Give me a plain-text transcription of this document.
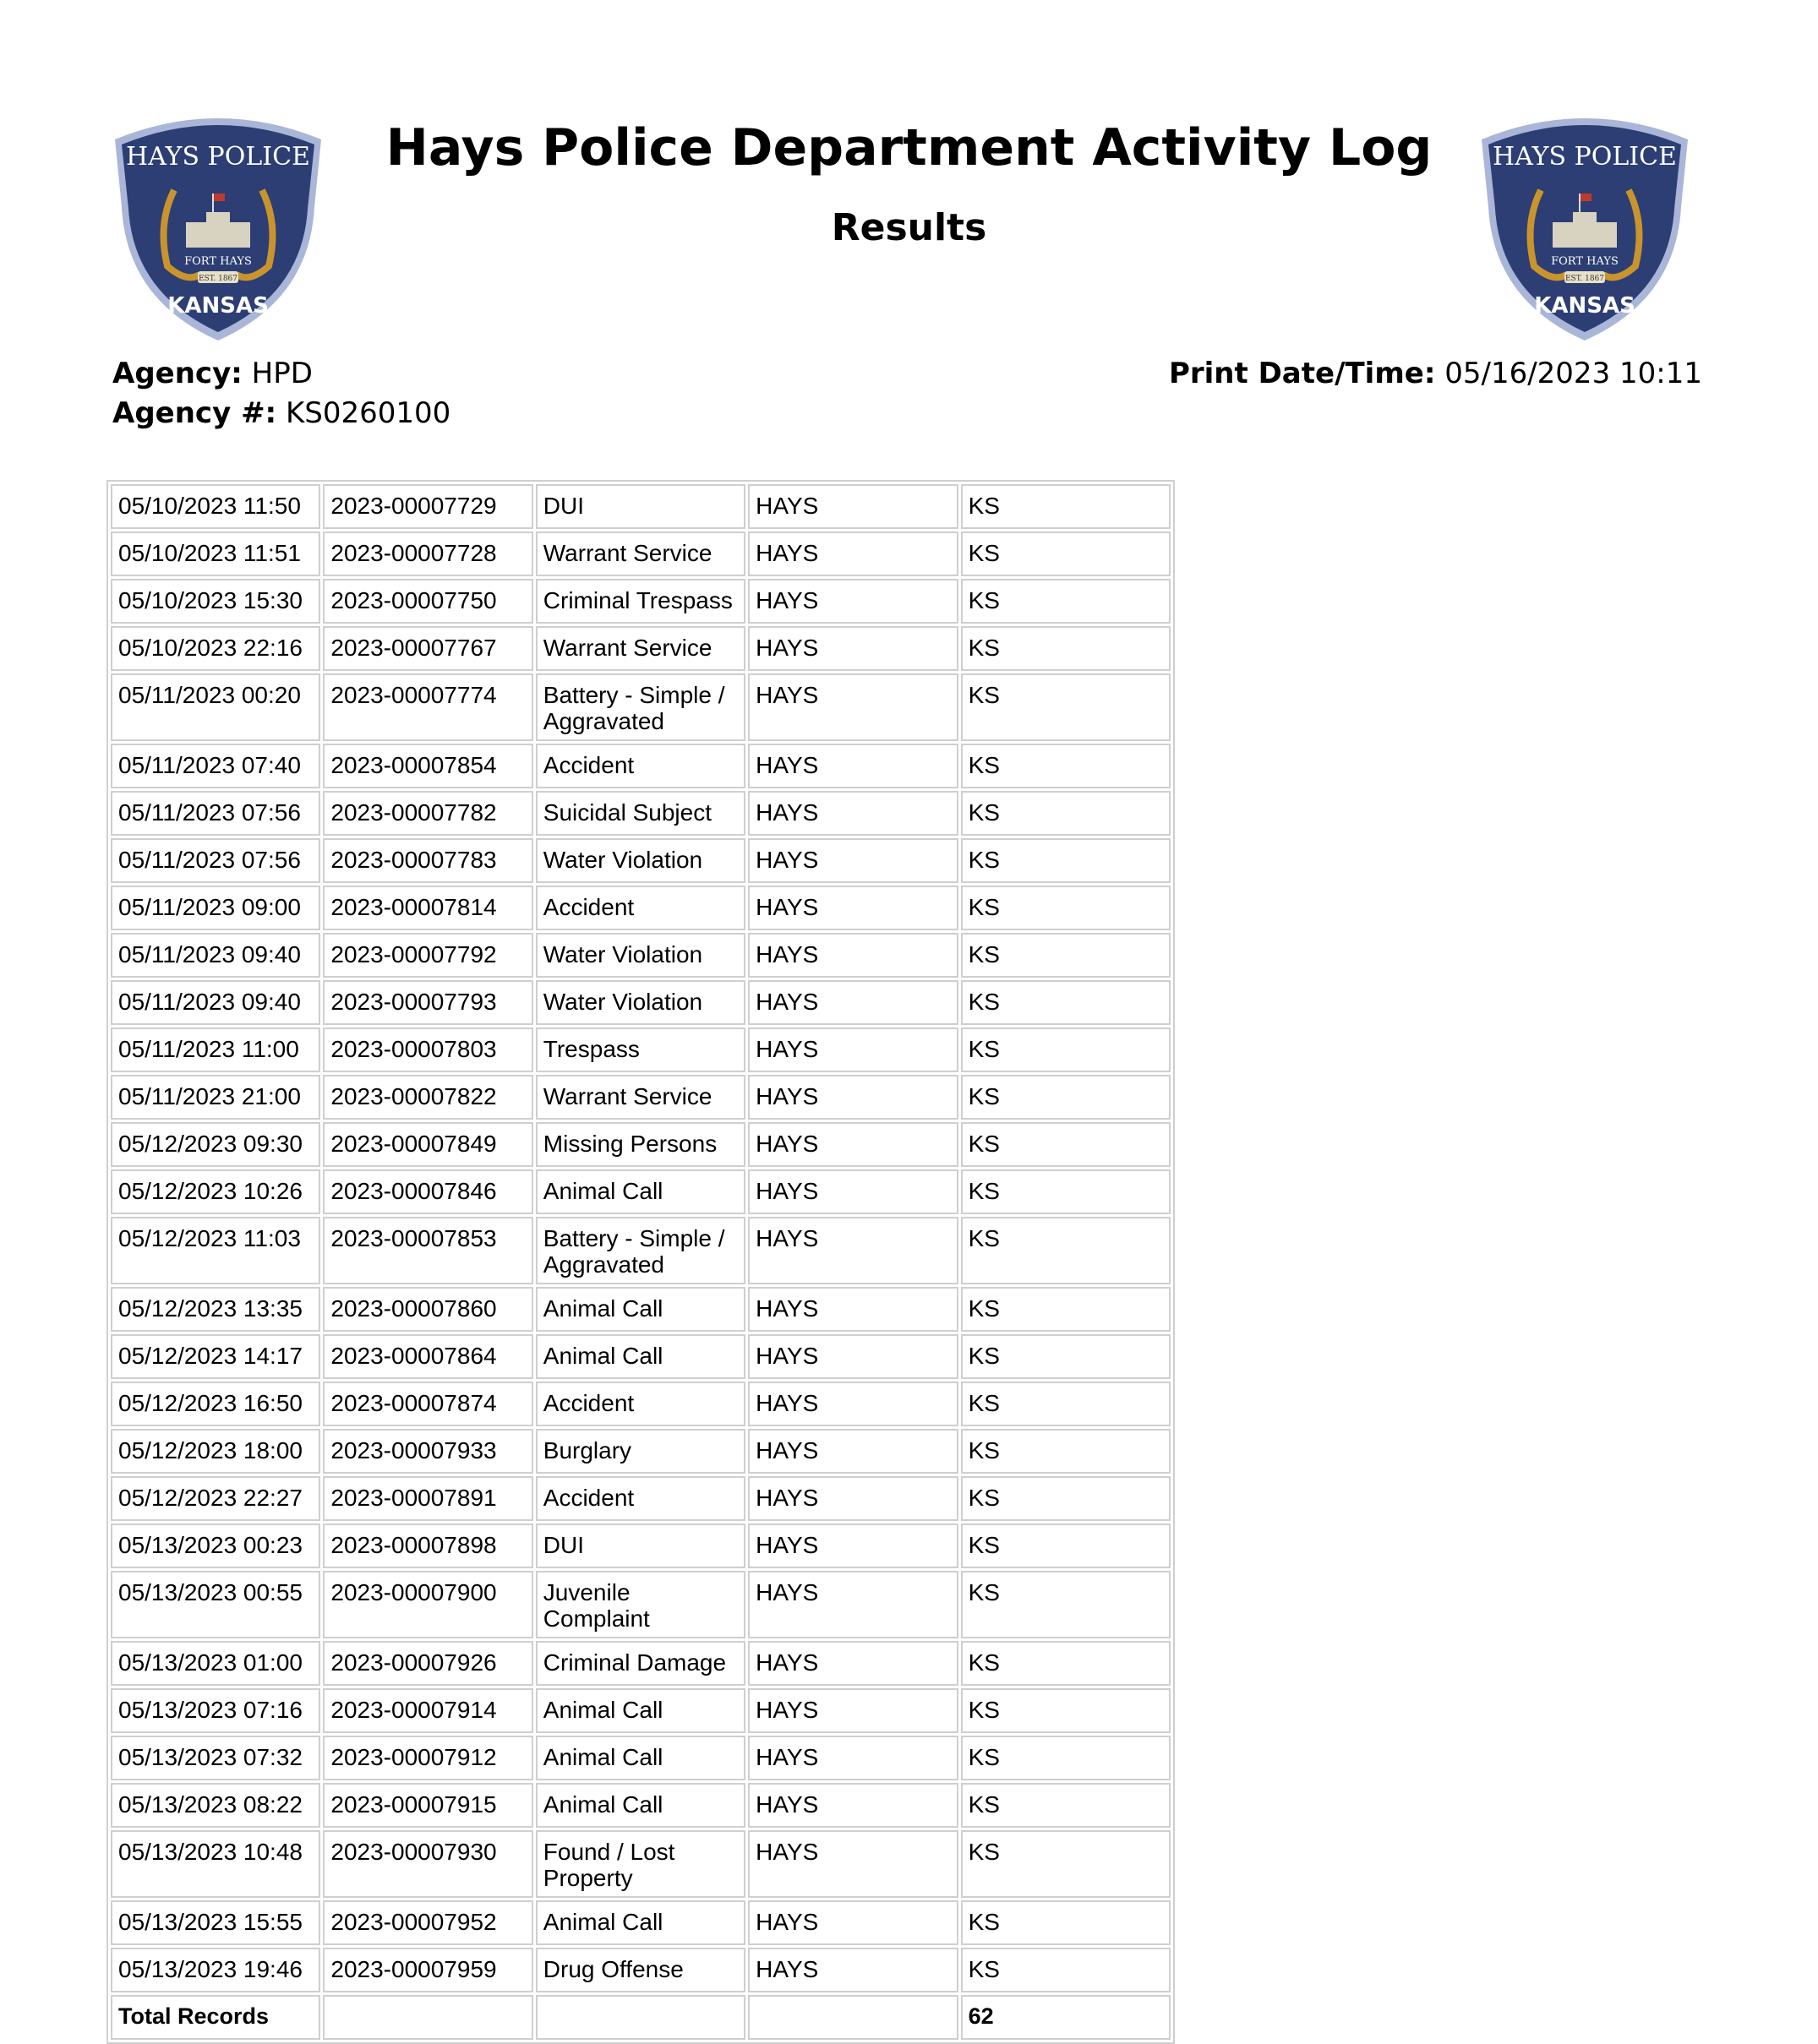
HAYS POLICE
FORT HAYS
EST. 1867
KANSAS
HAYS POLICE
FORT HAYS
EST. 1867
KANSAS
Hays Police Department Activity Log
Results
Agency: HPD
Agency #: KS0260100
Print Date/Time: 05/16/2023 10:11
05/10/2023 11:50	2023-00007729	DUI	HAYS	KS
05/10/2023 11:51	2023-00007728	Warrant Service	HAYS	KS
05/10/2023 15:30	2023-00007750	Criminal Trespass	HAYS	KS
05/10/2023 22:16	2023-00007767	Warrant Service	HAYS	KS
05/11/2023 00:20	2023-00007774	Battery - Simple / Aggravated	HAYS	KS
05/11/2023 07:40	2023-00007854	Accident	HAYS	KS
05/11/2023 07:56	2023-00007782	Suicidal Subject	HAYS	KS
05/11/2023 07:56	2023-00007783	Water Violation	HAYS	KS
05/11/2023 09:00	2023-00007814	Accident	HAYS	KS
05/11/2023 09:40	2023-00007792	Water Violation	HAYS	KS
05/11/2023 09:40	2023-00007793	Water Violation	HAYS	KS
05/11/2023 11:00	2023-00007803	Trespass	HAYS	KS
05/11/2023 21:00	2023-00007822	Warrant Service	HAYS	KS
05/12/2023 09:30	2023-00007849	Missing Persons	HAYS	KS
05/12/2023 10:26	2023-00007846	Animal Call	HAYS	KS
05/12/2023 11:03	2023-00007853	Battery - Simple / Aggravated	HAYS	KS
05/12/2023 13:35	2023-00007860	Animal Call	HAYS	KS
05/12/2023 14:17	2023-00007864	Animal Call	HAYS	KS
05/12/2023 16:50	2023-00007874	Accident	HAYS	KS
05/12/2023 18:00	2023-00007933	Burglary	HAYS	KS
05/12/2023 22:27	2023-00007891	Accident	HAYS	KS
05/13/2023 00:23	2023-00007898	DUI	HAYS	KS
05/13/2023 00:55	2023-00007900	Juvenile Complaint	HAYS	KS
05/13/2023 01:00	2023-00007926	Criminal Damage	HAYS	KS
05/13/2023 07:16	2023-00007914	Animal Call	HAYS	KS
05/13/2023 07:32	2023-00007912	Animal Call	HAYS	KS
05/13/2023 08:22	2023-00007915	Animal Call	HAYS	KS
05/13/2023 10:48	2023-00007930	Found / Lost Property	HAYS	KS
05/13/2023 15:55	2023-00007952	Animal Call	HAYS	KS
05/13/2023 19:46	2023-00007959	Drug Offense	HAYS	KS
Total Records				62
